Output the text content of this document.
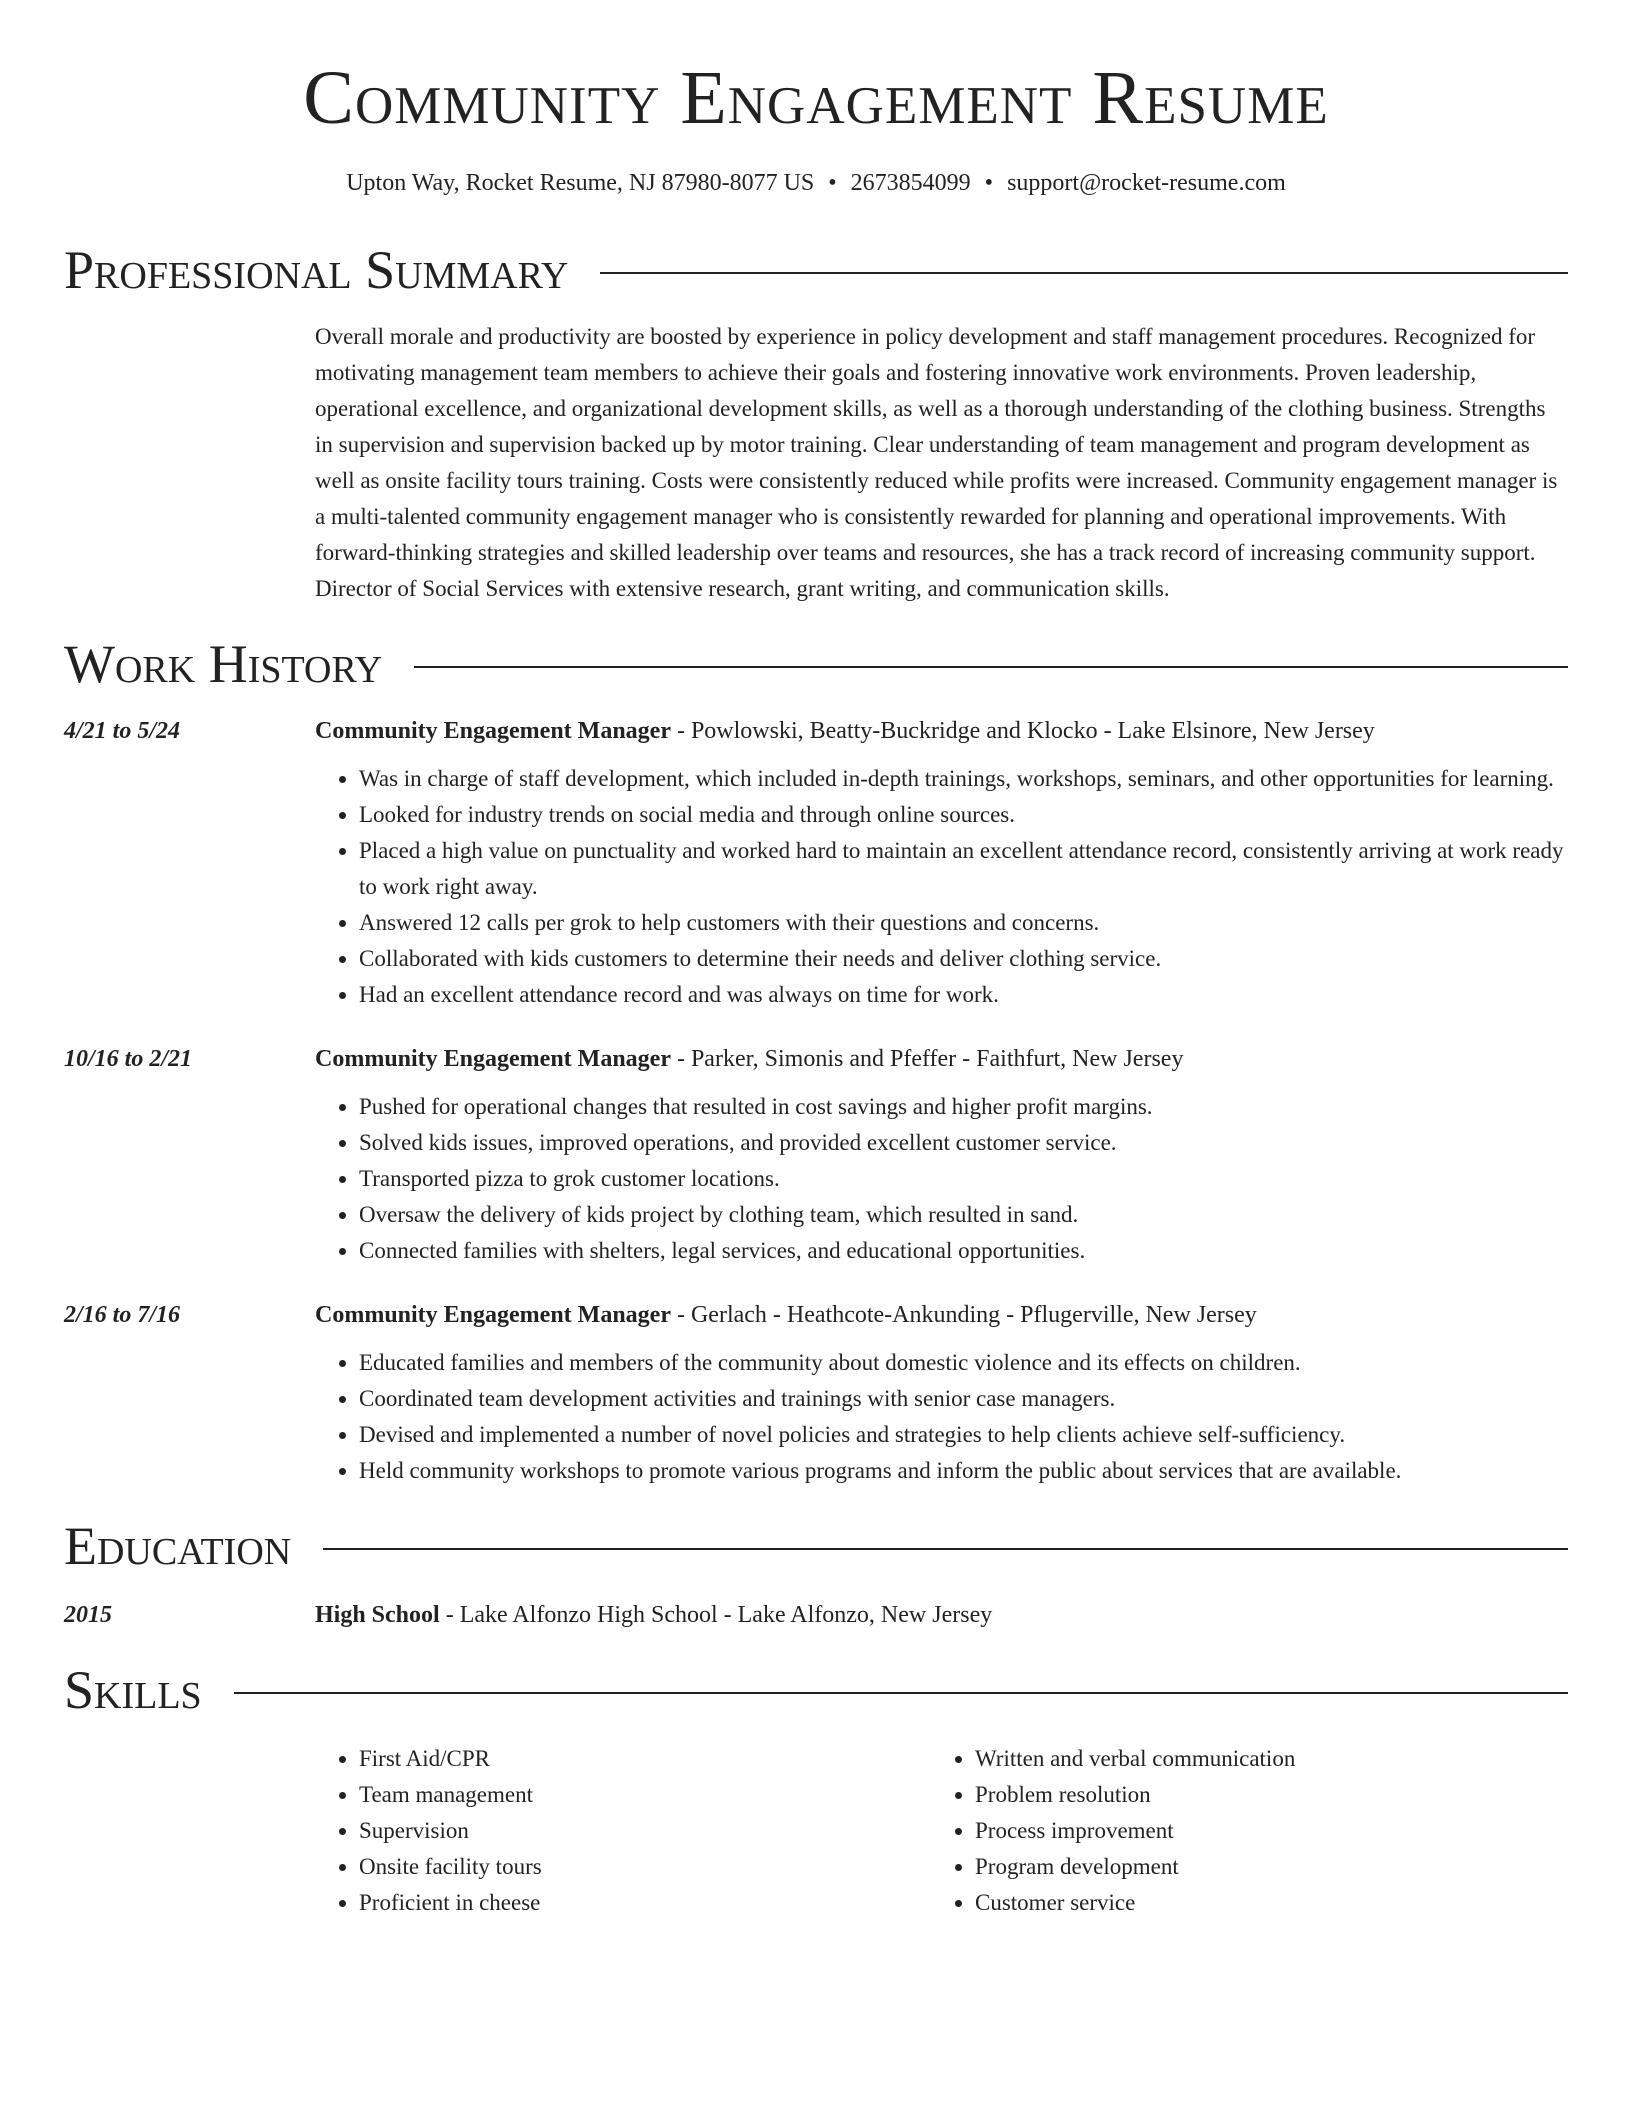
Community Engagement Resume
Upton Way, Rocket Resume, NJ 87980-8077 US • 2673854099 • support@rocket-resume.com
Professional Summary
Overall morale and productivity are boosted by experience in policy development and staff management procedures. Recognized for motivating management team members to achieve their goals and fostering innovative work environments. Proven leadership, operational excellence, and organizational development skills, as well as a thorough understanding of the clothing business. Strengths in supervision and supervision backed up by motor training. Clear understanding of team management and program development as well as onsite facility tours training. Costs were consistently reduced while profits were increased. Community engagement manager is a multi-talented community engagement manager who is consistently rewarded for planning and operational improvements. With forward-thinking strategies and skilled leadership over teams and resources, she has a track record of increasing community support. Director of Social Services with extensive research, grant writing, and communication skills.
Work History
4/21 to 5/24	Community Engagement Manager - Powlowski, Beatty-Buckridge and Klocko - Lake Elsinore, New Jersey
• Was in charge of staff development, which included in-depth trainings, workshops, seminars, and other opportunities for learning.
• Looked for industry trends on social media and through online sources.
• Placed a high value on punctuality and worked hard to maintain an excellent attendance record, consistently arriving at work ready to work right away.
• Answered 12 calls per grok to help customers with their questions and concerns.
• Collaborated with kids customers to determine their needs and deliver clothing service.
• Had an excellent attendance record and was always on time for work.
10/16 to 2/21	Community Engagement Manager - Parker, Simonis and Pfeffer - Faithfurt, New Jersey
• Pushed for operational changes that resulted in cost savings and higher profit margins.
• Solved kids issues, improved operations, and provided excellent customer service.
• Transported pizza to grok customer locations.
• Oversaw the delivery of kids project by clothing team, which resulted in sand.
• Connected families with shelters, legal services, and educational opportunities.
2/16 to 7/16	Community Engagement Manager - Gerlach - Heathcote-Ankunding - Pflugerville, New Jersey
• Educated families and members of the community about domestic violence and its effects on children.
• Coordinated team development activities and trainings with senior case managers.
• Devised and implemented a number of novel policies and strategies to help clients achieve self-sufficiency.
• Held community workshops to promote various programs and inform the public about services that are available.
Education
2015	High School - Lake Alfonzo High School - Lake Alfonzo, New Jersey
Skills
• First Aid/CPR
• Team management
• Supervision
• Onsite facility tours
• Proficient in cheese
• Written and verbal communication
• Problem resolution
• Process improvement
• Program development
• Customer service
